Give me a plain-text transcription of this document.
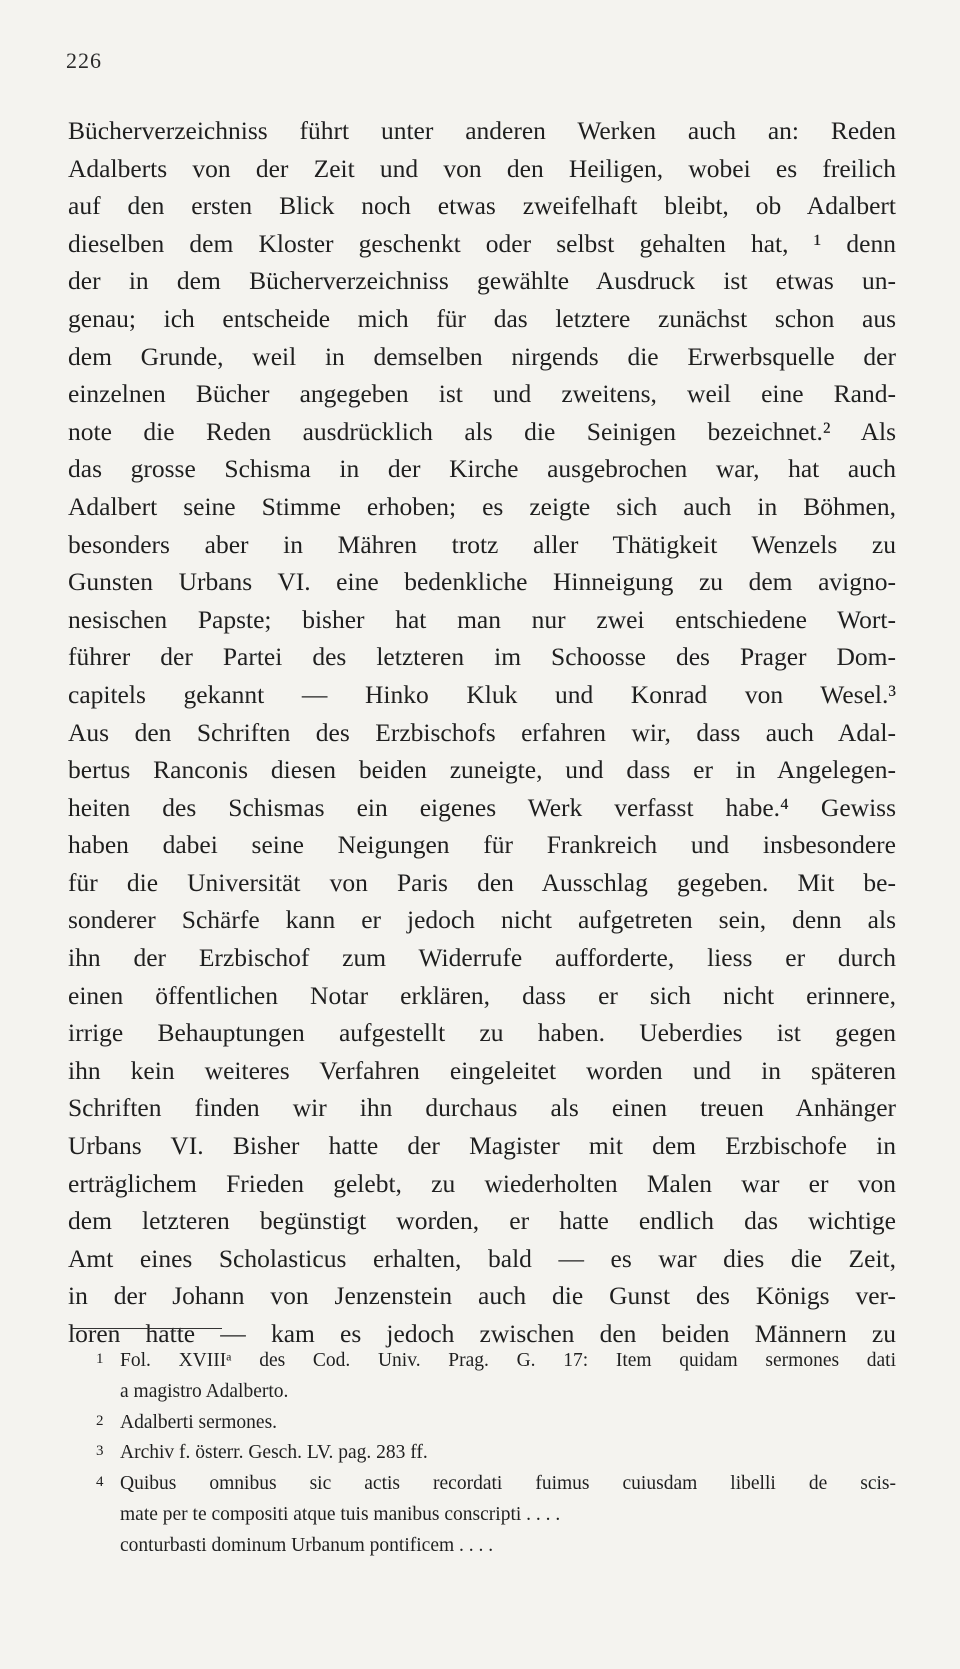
226
Bücherverzeichniss führt unter anderen Werken auch an: Reden
Adalberts von der Zeit und von den Heiligen, wobei es freilich
auf den ersten Blick noch etwas zweifelhaft bleibt, ob Adalbert
dieselben dem Kloster geschenkt oder selbst gehalten hat, ¹ denn
der in dem Bücherverzeichniss gewählte Ausdruck ist etwas un-
genau; ich entscheide mich für das letztere zunächst schon aus
dem Grunde, weil in demselben nirgends die Erwerbsquelle der
einzelnen Bücher angegeben ist und zweitens, weil eine Rand-
note die Reden ausdrücklich als die Seinigen bezeichnet.² Als
das grosse Schisma in der Kirche ausgebrochen war, hat auch
Adalbert seine Stimme erhoben; es zeigte sich auch in Böhmen,
besonders aber in Mähren trotz aller Thätigkeit Wenzels zu
Gunsten Urbans VI. eine bedenkliche Hinneigung zu dem avigno-
nesischen Papste; bisher hat man nur zwei entschiedene Wort-
führer der Partei des letzteren im Schoosse des Prager Dom-
capitels gekannt — Hinko Kluk und Konrad von Wesel.³
Aus den Schriften des Erzbischofs erfahren wir, dass auch Adal-
bertus Ranconis diesen beiden zuneigte, und dass er in Angelegen-
heiten des Schismas ein eigenes Werk verfasst habe.⁴ Gewiss
haben dabei seine Neigungen für Frankreich und insbesondere
für die Universität von Paris den Ausschlag gegeben. Mit be-
sonderer Schärfe kann er jedoch nicht aufgetreten sein, denn als
ihn der Erzbischof zum Widerrufe aufforderte, liess er durch
einen öffentlichen Notar erklären, dass er sich nicht erinnere,
irrige Behauptungen aufgestellt zu haben. Ueberdies ist gegen
ihn kein weiteres Verfahren eingeleitet worden und in späteren
Schriften finden wir ihn durchaus als einen treuen Anhänger
Urbans VI. Bisher hatte der Magister mit dem Erzbischofe in
erträglichem Frieden gelebt, zu wiederholten Malen war er von
dem letzteren begünstigt worden, er hatte endlich das wichtige
Amt eines Scholasticus erhalten, bald — es war dies die Zeit,
in der Johann von Jenzenstein auch die Gunst des Königs ver-
loren hatte — kam es jedoch zwischen den beiden Männern zu
1 Fol. XVIIIᵃ des Cod. Univ. Prag. G. 17: Item quidam sermones dati
a magistro Adalberto.
2 Adalberti sermones.
3 Archiv f. österr. Gesch. LV. pag. 283 ff.
4 Quibus omnibus sic actis recordati fuimus cuiusdam libelli de scis-
mate per te compositi atque tuis manibus conscripti . . . .
conturbasti dominum Urbanum pontificem . . . .
